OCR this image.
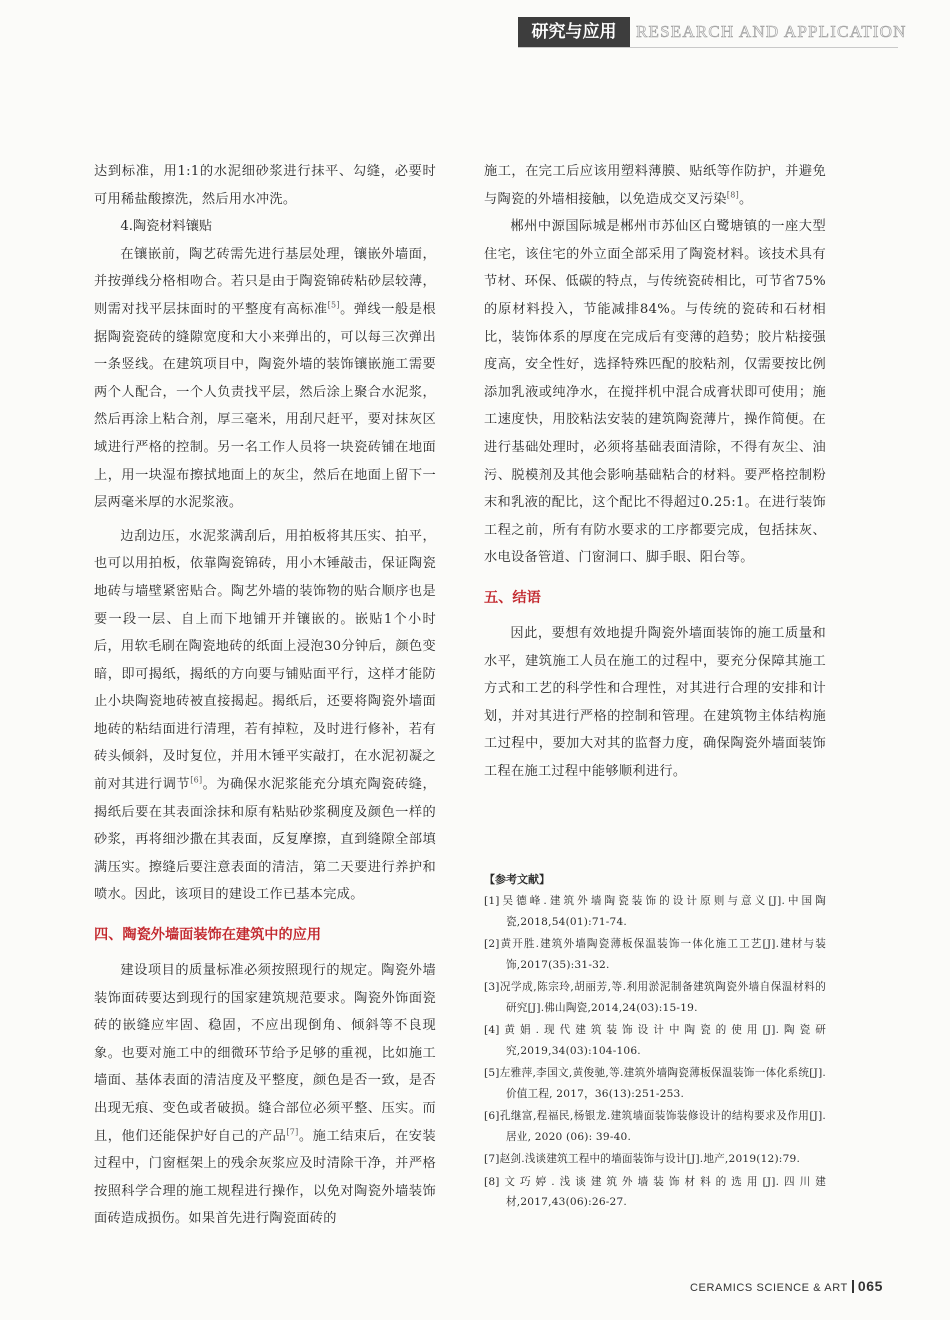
研究与应用	RESEARCH AND APPLICATION

达到标准，用1:1的水泥细砂浆进行抹平、勾缝，必要时可用稀盐酸擦洗，然后用水冲洗。

4.陶瓷材料镶贴

在镶嵌前，陶艺砖需先进行基层处理，镶嵌外墙面，并按弹线分格相吻合。若只是由于陶瓷锦砖粘砂层较薄，则需对找平层抹面时的平整度有高标准[5]。弹线一般是根据陶瓷瓷砖的缝隙宽度和大小来弹出的，可以每三次弹出一条竖线。在建筑项目中，陶瓷外墙的装饰镶嵌施工需要两个人配合，一个人负责找平层，然后涂上聚合水泥浆，然后再涂上粘合剂，厚三毫米，用刮尺赶平，要对抹灰区域进行严格的控制。另一名工作人员将一块瓷砖铺在地面上，用一块湿布擦拭地面上的灰尘，然后在地面上留下一层两毫米厚的水泥浆液。

边刮边压，水泥浆满刮后，用拍板将其压实、拍平，也可以用拍板，依靠陶瓷锦砖，用小木锤敲击，保证陶瓷地砖与墙壁紧密贴合。陶艺外墙的装饰物的贴合顺序也是要一段一层、自上而下地铺开并镶嵌的。嵌贴1个小时后，用软毛刷在陶瓷地砖的纸面上浸泡30分钟后，颜色变暗，即可揭纸，揭纸的方向要与铺贴面平行，这样才能防止小块陶瓷地砖被直接揭起。揭纸后，还要将陶瓷外墙面地砖的粘结面进行清理，若有掉粒，及时进行修补，若有砖头倾斜，及时复位，并用木锤平实敲打，在水泥初凝之前对其进行调节[6]。为确保水泥浆能充分填充陶瓷砖缝，揭纸后要在其表面涂抹和原有粘贴砂浆稠度及颜色一样的砂浆，再将细沙撒在其表面，反复摩擦，直到缝隙全部填满压实。擦缝后要注意表面的清洁，第二天要进行养护和喷水。因此，该项目的建设工作已基本完成。

四、陶瓷外墙面装饰在建筑中的应用

建设项目的质量标准必须按照现行的规定。陶瓷外墙装饰面砖要达到现行的国家建筑规范要求。陶瓷外饰面瓷砖的嵌缝应牢固、稳固，不应出现倒角、倾斜等不良现象。也要对施工中的细微环节给予足够的重视，比如施工墙面、基体表面的清洁度及平整度，颜色是否一致，是否出现无痕、变色或者破损。缝合部位必须平整、压实。而且，他们还能保护好自己的产品[7]。施工结束后，在安装过程中，门窗框架上的残余灰浆应及时清除干净，并严格按照科学合理的施工规程进行操作，以免对陶瓷外墙装饰面砖造成损伤。如果首先进行陶瓷面砖的

施工，在完工后应该用塑料薄膜、贴纸等作防护，并避免与陶瓷的外墙相接触，以免造成交叉污染[8]。

郴州中源国际城是郴州市苏仙区白鹭塘镇的一座大型住宅，该住宅的外立面全部采用了陶瓷材料。该技术具有节材、环保、低碳的特点，与传统瓷砖相比，可节省75%的原材料投入，节能减排84%。与传统的瓷砖和石材相比，装饰体系的厚度在完成后有变薄的趋势；胶片粘接强度高，安全性好，选择特殊匹配的胶粘剂，仅需要按比例添加乳液或纯净水，在搅拌机中混合成膏状即可使用；施工速度快，用胶粘法安装的建筑陶瓷薄片，操作简便。在进行基础处理时，必须将基础表面清除，不得有灰尘、油污、脱模剂及其他会影响基础粘合的材料。要严格控制粉末和乳液的配比，这个配比不得超过0.25:1。在进行装饰工程之前，所有有防水要求的工序都要完成，包括抹灰、水电设备管道、门窗洞口、脚手眼、阳台等。

五、结语

因此，要想有效地提升陶瓷外墙面装饰的施工质量和水平，建筑施工人员在施工的过程中，要充分保障其施工方式和工艺的科学性和合理性，对其进行合理的安排和计划，并对其进行严格的控制和管理。在建筑物主体结构施工过程中，要加大对其的监督力度，确保陶瓷外墙面装饰工程在施工过程中能够顺利进行。

【参考文献】

[1]吴德峰.建筑外墙陶瓷装饰的设计原则与意义[J].中国陶瓷,2018,54(01):71-74.

[2]黄开胜.建筑外墙陶瓷薄板保温装饰一体化施工工艺[J].建材与装饰,2017(35):31-32.

[3]况学成,陈宗玲,胡丽芳,等.利用淤泥制备建筑陶瓷外墙自保温材料的研究[J].佛山陶瓷,2014,24(03):15-19.

[4]黄娟.现代建筑装饰设计中陶瓷的使用[J].陶瓷研究,2019,34(03):104-106.

[5]左雅萍,李国文,黄俊驰,等.建筑外墙陶瓷薄板保温装饰一体化系统[J].价值工程, 2017，36(13):251-253.

[6]孔继富,程福民,杨银龙.建筑墙面装饰装修设计的结构要求及作用[J].居业, 2020 (06): 39-40.

[7]赵剑.浅谈建筑工程中的墙面装饰与设计[J].地产,2019(12):79.

[8]文巧婷.浅谈建筑外墙装饰材料的选用[J].四川建材,2017,43(06):26-27.

CERAMICS SCIENCE & ART 065
